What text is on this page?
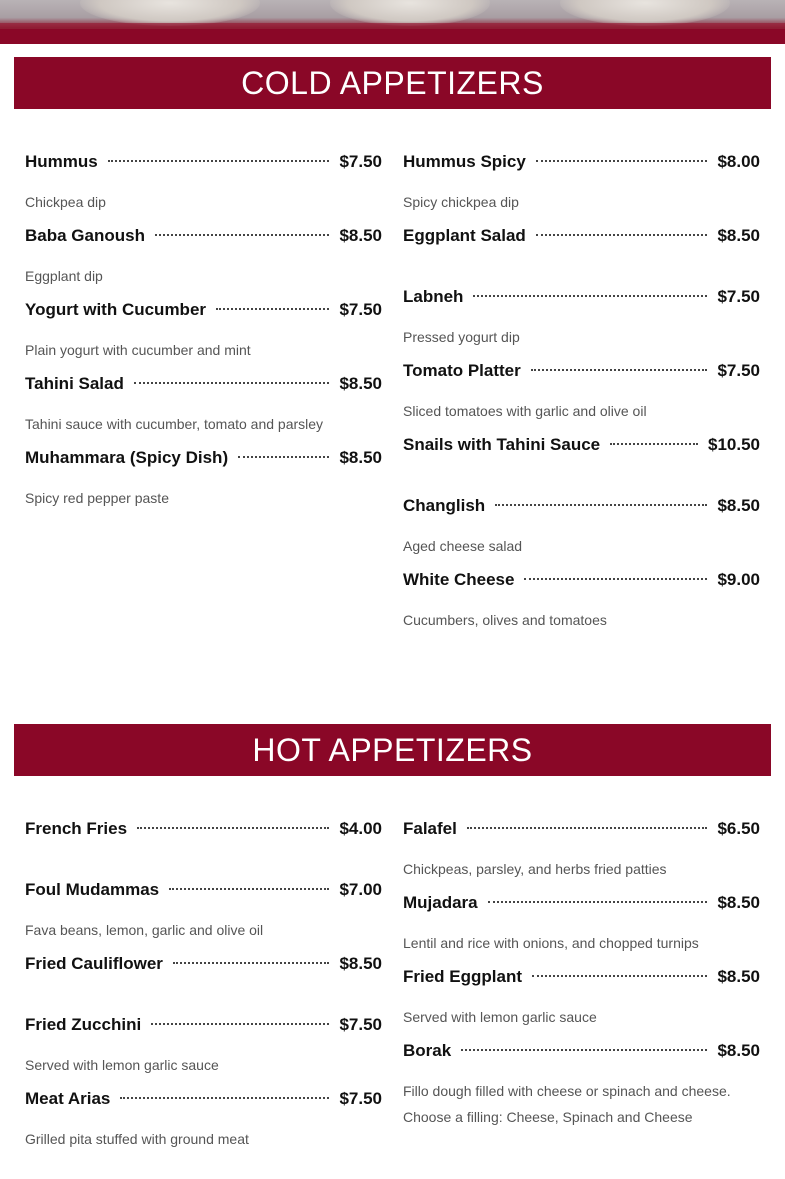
COLD APPETIZERS
Hummus	$7.50
Chickpea dip
Baba Ganoush	$8.50
Eggplant dip
Yogurt with Cucumber	$7.50
Plain yogurt with cucumber and mint
Tahini Salad	$8.50
Tahini sauce with cucumber, tomato and parsley
Muhammara (Spicy Dish)	$8.50
Spicy red pepper paste
Hummus Spicy	$8.00
Spicy chickpea dip
Eggplant Salad	$8.50
Labneh	$7.50
Pressed yogurt dip
Tomato Platter	$7.50
Sliced tomatoes with garlic and olive oil
Snails with Tahini Sauce	$10.50
Changlish	$8.50
Aged cheese salad
White Cheese	$9.00
Cucumbers, olives and tomatoes
HOT APPETIZERS
French Fries	$4.00
Foul Mudammas	$7.00
Fava beans, lemon, garlic and olive oil
Fried Cauliflower	$8.50
Fried Zucchini	$7.50
Served with lemon garlic sauce
Meat Arias	$7.50
Grilled pita stuffed with ground meat
Falafel	$6.50
Chickpeas, parsley, and herbs fried patties
Mujadara	$8.50
Lentil and rice with onions, and chopped turnips
Fried Eggplant	$8.50
Served with lemon garlic sauce
Borak	$8.50
Fillo dough filled with cheese or spinach and cheese.
Choose a filling: Cheese, Spinach and Cheese
